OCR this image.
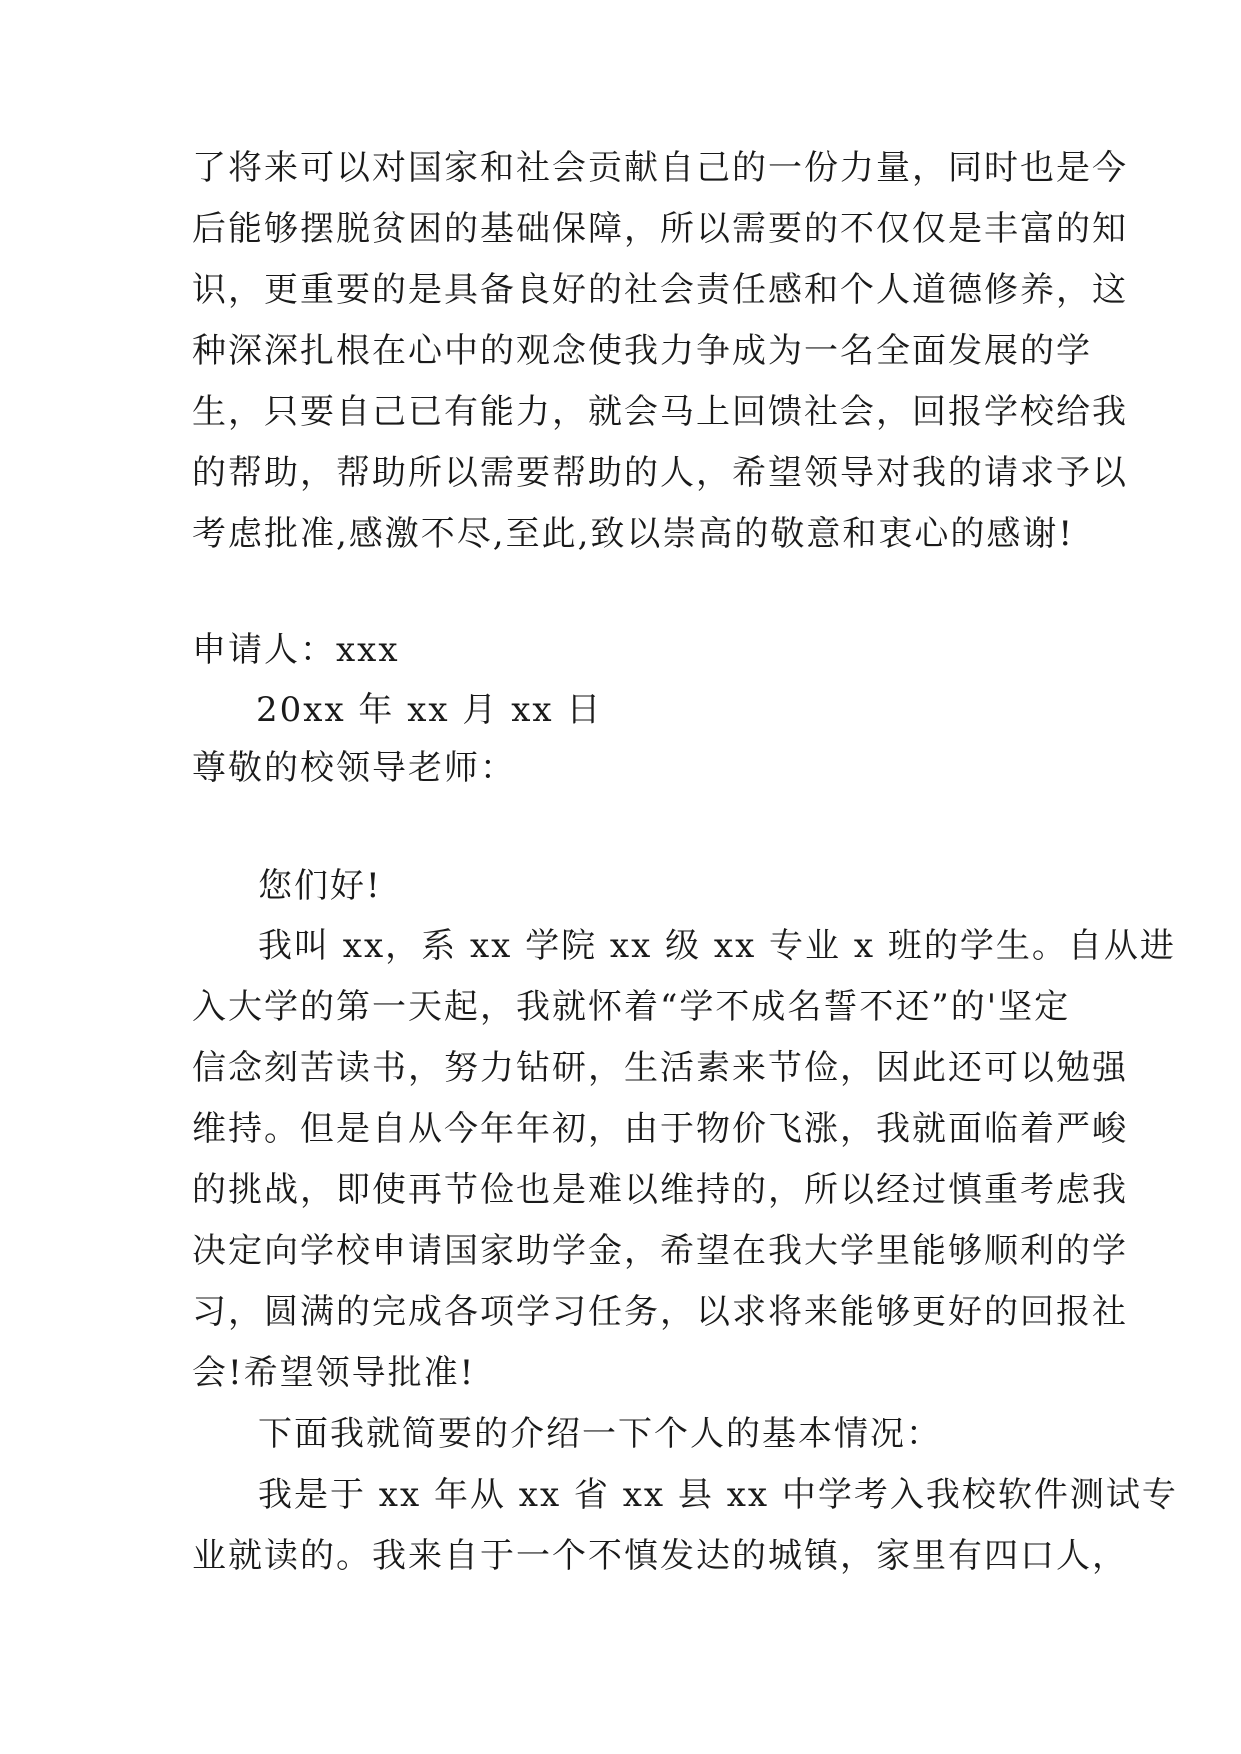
了将来可以对国家和社会贡献自己的一份力量，同时也是今
后能够摆脱贫困的基础保障，所以需要的不仅仅是丰富的知
识，更重要的是具备良好的社会责任感和个人道德修养，这
种深深扎根在心中的观念使我力争成为一名全面发展的学
生，只要自己已有能力，就会马上回馈社会，回报学校给我
的帮助，帮助所以需要帮助的人，希望领导对我的请求予以
考虑批准,感激不尽,至此,致以崇高的敬意和衷心的感谢!
申请人：xxx
20xx 年 xx 月 xx 日
尊敬的校领导老师：
您们好!
我叫 xx，系 xx 学院 xx 级 xx 专业 x 班的学生。自从进
入大学的第一天起，我就怀着“学不成名誓不还”的'坚定
信念刻苦读书，努力钻研，生活素来节俭，因此还可以勉强
维持。但是自从今年年初，由于物价飞涨，我就面临着严峻
的挑战，即使再节俭也是难以维持的，所以经过慎重考虑我
决定向学校申请国家助学金，希望在我大学里能够顺利的学
习，圆满的完成各项学习任务，以求将来能够更好的回报社
会!希望领导批准!
下面我就简要的介绍一下个人的基本情况：
我是于 xx 年从 xx 省 xx 县 xx 中学考入我校软件测试专
业就读的。我来自于一个不慎发达的城镇，家里有四口人，
